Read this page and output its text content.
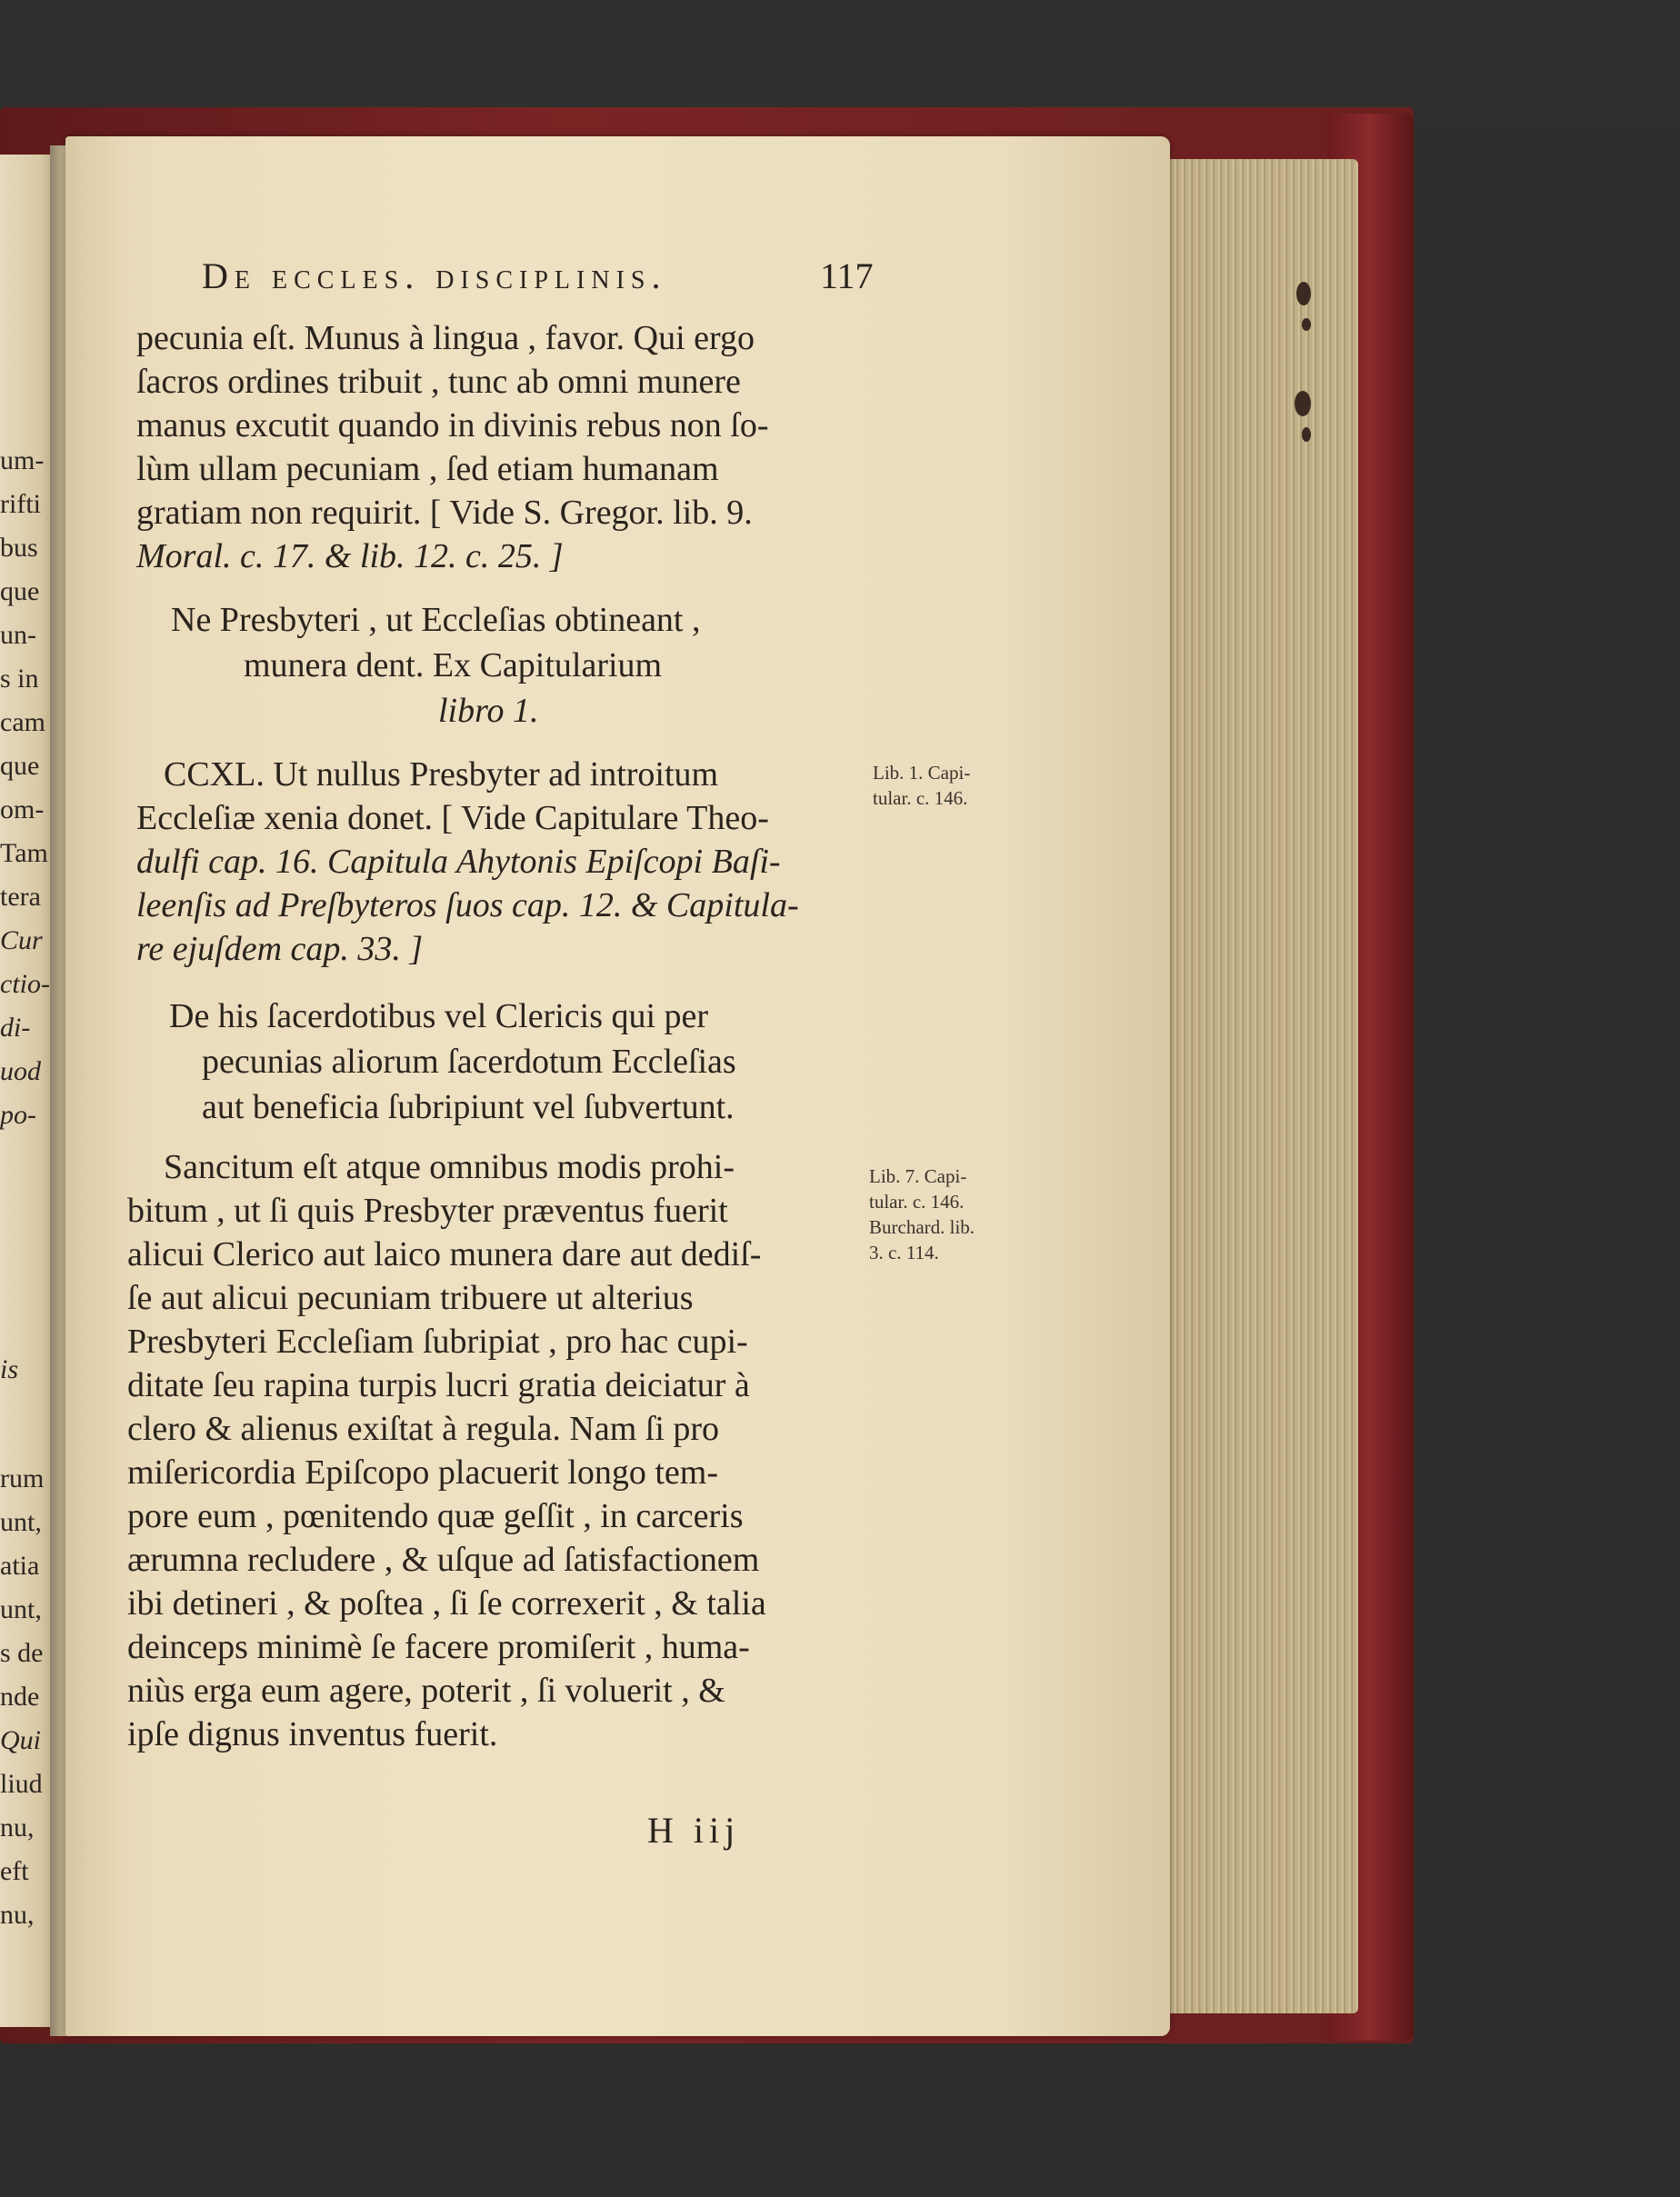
um-
rifti
bus
que
un-
s in
cam
que
om-
Tam
tera
Cur
ctio-
di-
uod
po-
is
rum
unt,
atia
unt,
s de
nde
Qui
liud
nu,
eft
nu,
De eccles. disciplinis.	117
pecunia eſt. Munus à lingua , favor. Qui ergo
ſacros ordines tribuit , tunc ab omni munere
manus excutit quando in divinis rebus non ſo-
lùm ullam pecuniam , ſed etiam humanam
gratiam non requirit. [ Vide S. Gregor. lib. 9.
Moral. c. 17. & lib. 12. c. 25. ]
Ne Presbyteri , ut Eccleſias obtineant ,
munera dent. Ex Capitularium
libro 1.
CCXL. Ut nullus Presbyter ad introitum
Eccleſiæ xenia donet. [ Vide Capitulare Theo-
dulfi cap. 16. Capitula Ahytonis Epiſcopi Baſi-
leenſis ad Preſbyteros ſuos cap. 12. & Capitula-
re ejuſdem cap. 33. ]
Lib. 1. Capi-
tular. c. 146.
De his ſacerdotibus vel Clericis qui per
pecunias aliorum ſacerdotum Eccleſias
aut beneficia ſubripiunt vel ſubvertunt.
Sancitum eſt atque omnibus modis prohi-
bitum , ut ſi quis Presbyter præventus fuerit
alicui Clerico aut laico munera dare aut dediſ-
ſe aut alicui pecuniam tribuere ut alterius
Presbyteri Eccleſiam ſubripiat , pro hac cupi-
ditate ſeu rapina turpis lucri gratia deiciatur à
clero & alienus exiſtat à regula. Nam ſi pro
miſericordia Epiſcopo placuerit longo tem-
pore eum , pœnitendo quæ geſſit , in carceris
ærumna recludere , & uſque ad ſatisfactionem
ibi detineri , & poſtea , ſi ſe correxerit , & talia
deinceps minimè ſe facere promiſerit , huma-
niùs erga eum agere, poterit , ſi voluerit , &
ipſe dignus inventus fuerit.
Lib. 7. Capi-
tular. c. 146.
Burchard. lib.
3. c. 114.
H iij
